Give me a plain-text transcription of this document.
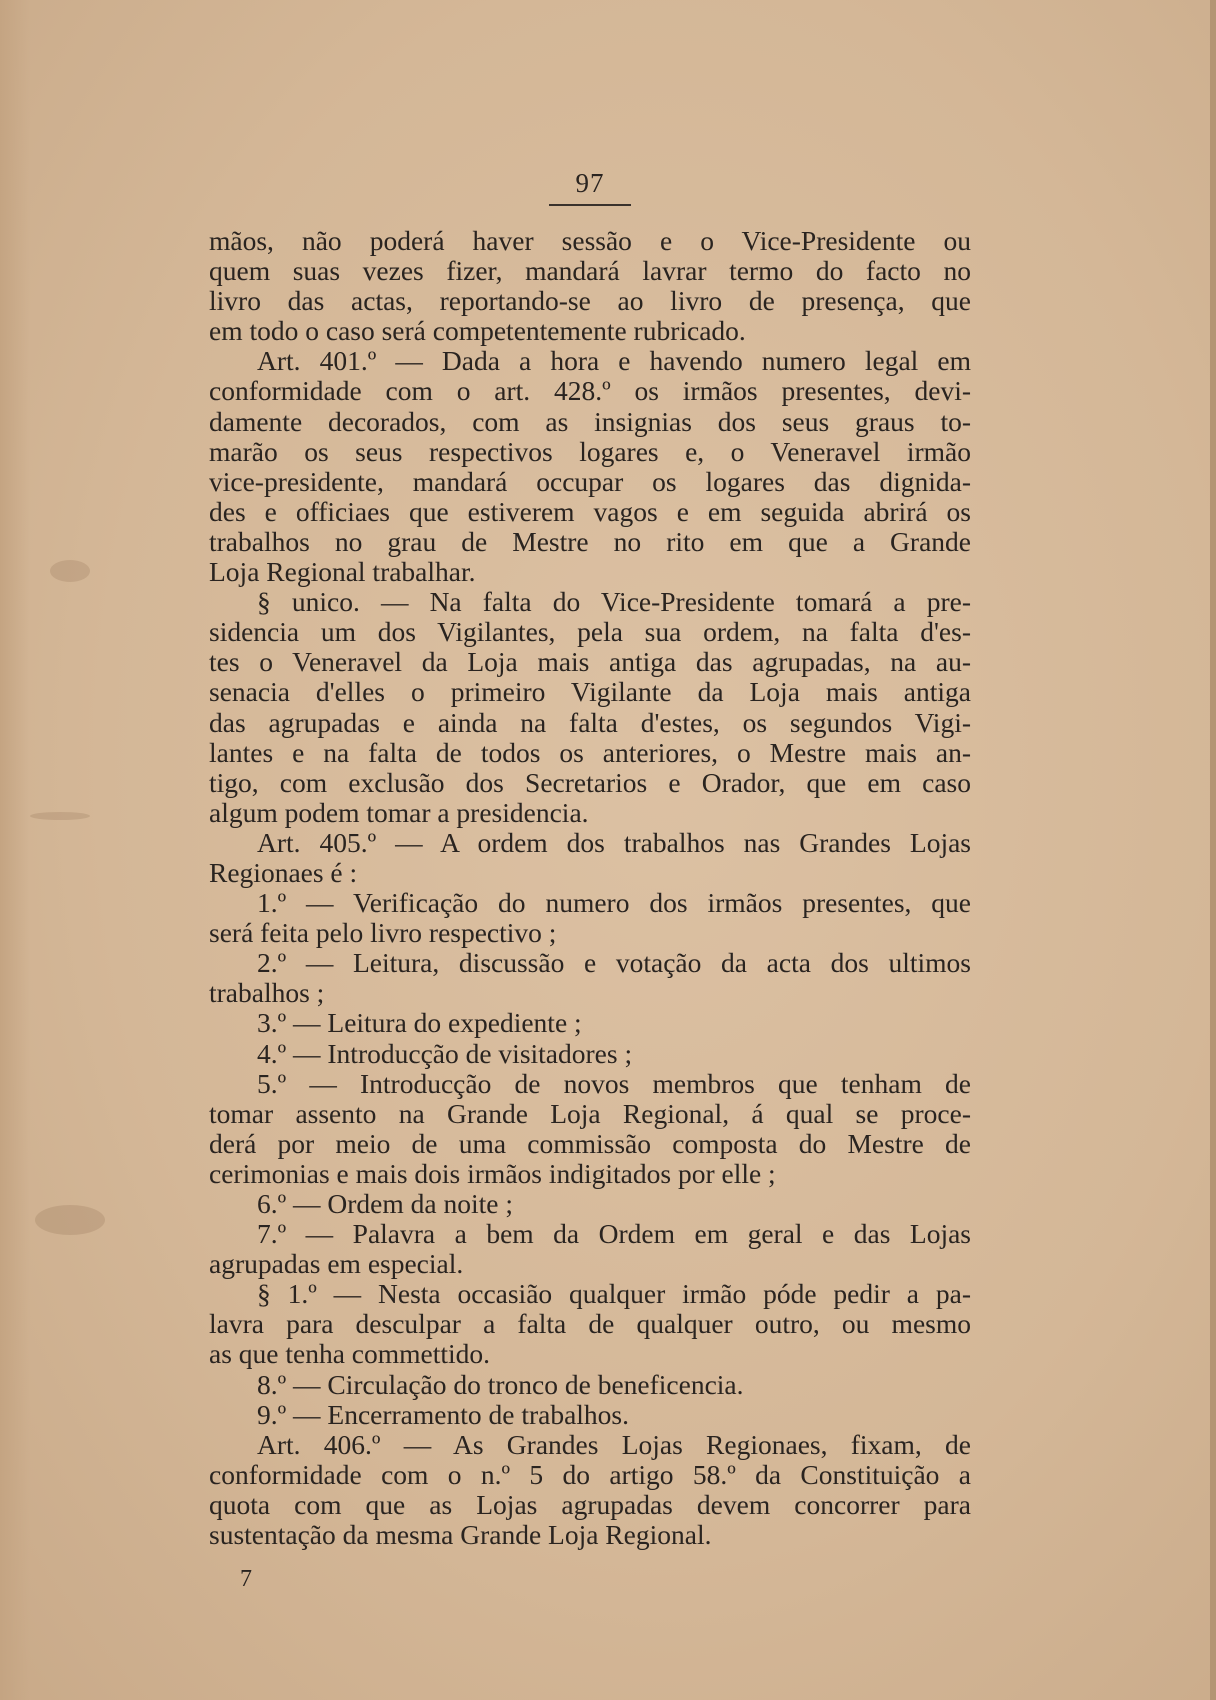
97
mãos, não poderá haver sessão e o Vice-Presidente ou
quem suas vezes fizer, mandará lavrar termo do facto no
livro das actas, reportando-se ao livro de presença, que
em todo o caso será competentemente rubricado.
Art. 401.º — Dada a hora e havendo numero legal em
conformidade com o art. 428.º os irmãos presentes, devi-
damente decorados, com as insignias dos seus graus to-
marão os seus respectivos logares e, o Veneravel irmão
vice-presidente, mandará occupar os logares das dignida-
des e officiaes que estiverem vagos e em seguida abrirá os
trabalhos no grau de Mestre no rito em que a Grande
Loja Regional trabalhar.
§ unico. — Na falta do Vice-Presidente tomará a pre-
sidencia um dos Vigilantes, pela sua ordem, na falta d'es-
tes o Veneravel da Loja mais antiga das agrupadas, na au-
senacia d'elles o primeiro Vigilante da Loja mais antiga
das agrupadas e ainda na falta d'estes, os segundos Vigi-
lantes e na falta de todos os anteriores, o Mestre mais an-
tigo, com exclusão dos Secretarios e Orador, que em caso
algum podem tomar a presidencia.
Art. 405.º — A ordem dos trabalhos nas Grandes Lojas
Regionaes é :
1.º — Verificação do numero dos irmãos presentes, que
será feita pelo livro respectivo ;
2.º — Leitura, discussão e votação da acta dos ultimos
trabalhos ;
3.º — Leitura do expediente ;
4.º — Introducção de visitadores ;
5.º — Introducção de novos membros que tenham de
tomar assento na Grande Loja Regional, á qual se proce-
derá por meio de uma commissão composta do Mestre de
cerimonias e mais dois irmãos indigitados por elle ;
6.º — Ordem da noite ;
7.º — Palavra a bem da Ordem em geral e das Lojas
agrupadas em especial.
§ 1.º — Nesta occasião qualquer irmão póde pedir a pa-
lavra para desculpar a falta de qualquer outro, ou mesmo
as que tenha commettido.
8.º — Circulação do tronco de beneficencia.
9.º — Encerramento de trabalhos.
Art. 406.º — As Grandes Lojas Regionaes, fixam, de
conformidade com o n.º 5 do artigo 58.º da Constituição a
quota com que as Lojas agrupadas devem concorrer para
sustentação da mesma Grande Loja Regional.
7
